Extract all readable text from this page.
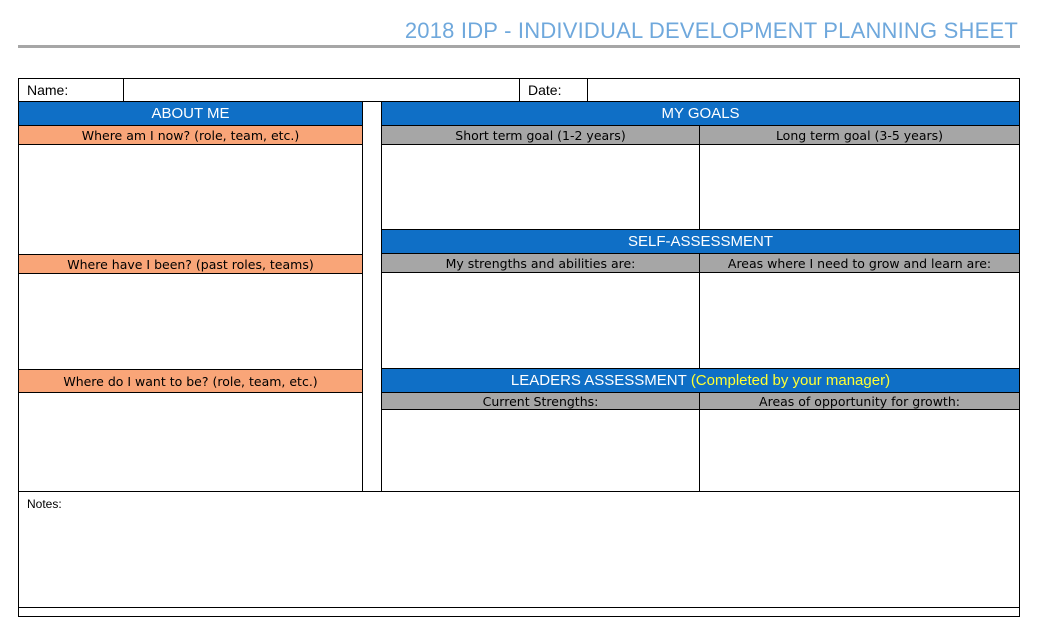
2018 IDP - INDIVIDUAL DEVELOPMENT PLANNING SHEET
Name:	Date:
ABOUT ME
Where am I now? (role, team, etc.)
Where have I been? (past roles, teams)
Where do I want to be? (role, team, etc.)
MY GOALS
Short term goal (1-2 years)	Long term goal (3-5 years)
SELF-ASSESSMENT
My strengths and abilities are:	Areas where I need to grow and learn are:
LEADERS ASSESSMENT (Completed by your manager)
Current Strengths:	Areas of opportunity for growth:
Notes:
